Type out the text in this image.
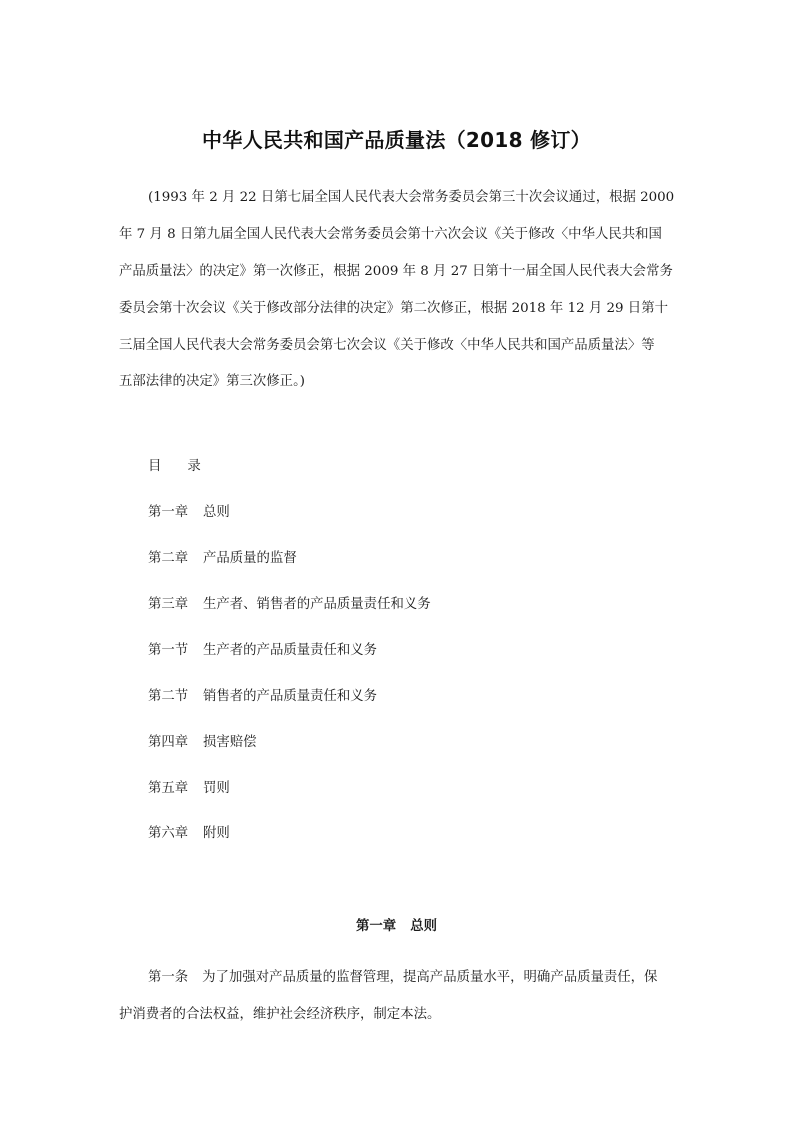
中华人民共和国产品质量法（2018 修订）
(1993 年 2 月 22 日第七届全国人民代表大会常务委员会第三十次会议通过，根据 2000
年 7 月 8 日第九届全国人民代表大会常务委员会第十六次会议《关于修改〈中华人民共和国
产品质量法〉的决定》第一次修正，根据 2009 年 8 月 27 日第十一届全国人民代表大会常务
委员会第十次会议《关于修改部分法律的决定》第二次修正，根据 2018 年 12 月 29 日第十
三届全国人民代表大会常务委员会第七次会议《关于修改〈中华人民共和国产品质量法〉等
五部法律的决定》第三次修正。)
目 录
第一章 总则
第二章 产品质量的监督
第三章 生产者、销售者的产品质量责任和义务
第一节 生产者的产品质量责任和义务
第二节 销售者的产品质量责任和义务
第四章 损害赔偿
第五章 罚则
第六章 附则
第一章 总则
第一条 为了加强对产品质量的监督管理，提高产品质量水平，明确产品质量责任，保
护消费者的合法权益，维护社会经济秩序，制定本法。
